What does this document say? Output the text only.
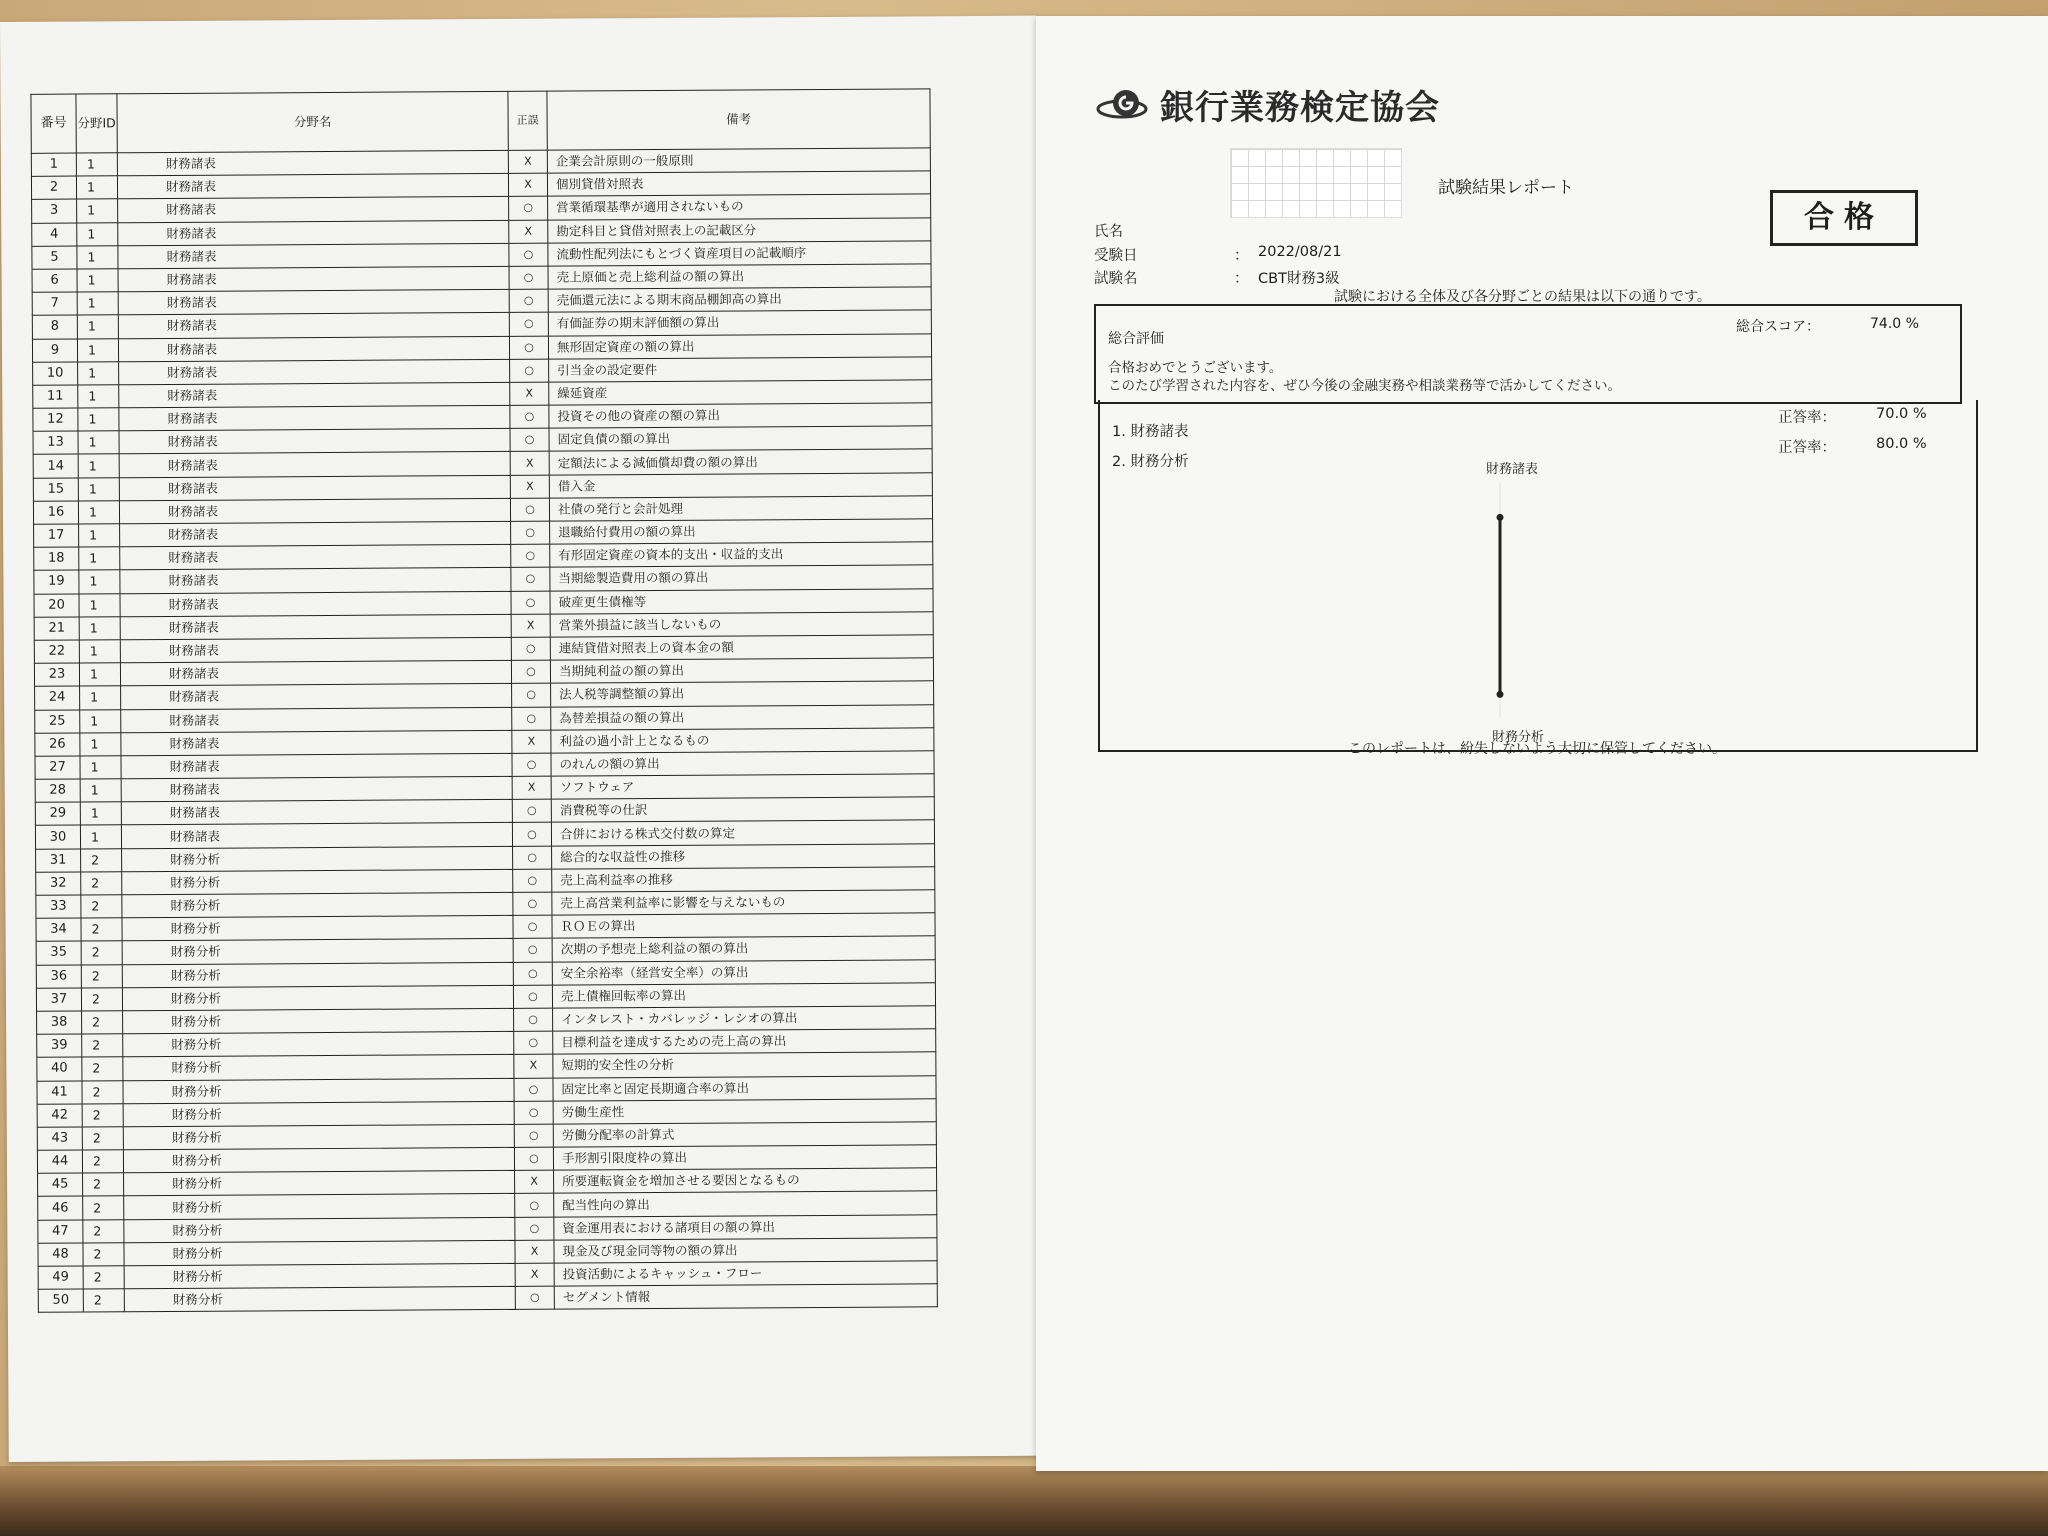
番号	分野ID	分野名	正誤	備考
1	1	財務諸表	X	企業会計原則の一般原則
2	1	財務諸表	X	個別貸借対照表
3	1	財務諸表	○	営業循環基準が適用されないもの
4	1	財務諸表	X	勘定科目と貸借対照表上の記載区分
5	1	財務諸表	○	流動性配列法にもとづく資産項目の記載順序
6	1	財務諸表	○	売上原価と売上総利益の額の算出
7	1	財務諸表	○	売価還元法による期末商品棚卸高の算出
8	1	財務諸表	○	有価証券の期末評価額の算出
9	1	財務諸表	○	無形固定資産の額の算出
10	1	財務諸表	○	引当金の設定要件
11	1	財務諸表	X	繰延資産
12	1	財務諸表	○	投資その他の資産の額の算出
13	1	財務諸表	○	固定負債の額の算出
14	1	財務諸表	X	定額法による減価償却費の額の算出
15	1	財務諸表	X	借入金
16	1	財務諸表	○	社債の発行と会計処理
17	1	財務諸表	○	退職給付費用の額の算出
18	1	財務諸表	○	有形固定資産の資本的支出・収益的支出
19	1	財務諸表	○	当期総製造費用の額の算出
20	1	財務諸表	○	破産更生債権等
21	1	財務諸表	X	営業外損益に該当しないもの
22	1	財務諸表	○	連結貸借対照表上の資本金の額
23	1	財務諸表	○	当期純利益の額の算出
24	1	財務諸表	○	法人税等調整額の算出
25	1	財務諸表	○	為替差損益の額の算出
26	1	財務諸表	X	利益の過小計上となるもの
27	1	財務諸表	○	のれんの額の算出
28	1	財務諸表	X	ソフトウェア
29	1	財務諸表	○	消費税等の仕訳
30	1	財務諸表	○	合併における株式交付数の算定
31	2	財務分析	○	総合的な収益性の推移
32	2	財務分析	○	売上高利益率の推移
33	2	財務分析	○	売上高営業利益率に影響を与えないもの
34	2	財務分析	○	ＲＯＥの算出
35	2	財務分析	○	次期の予想売上総利益の額の算出
36	2	財務分析	○	安全余裕率（経営安全率）の算出
37	2	財務分析	○	売上債権回転率の算出
38	2	財務分析	○	インタレスト・カバレッジ・レシオの算出
39	2	財務分析	○	目標利益を達成するための売上高の算出
40	2	財務分析	X	短期的安全性の分析
41	2	財務分析	○	固定比率と固定長期適合率の算出
42	2	財務分析	○	労働生産性
43	2	財務分析	○	労働分配率の計算式
44	2	財務分析	○	手形割引限度枠の算出
45	2	財務分析	X	所要運転資金を増加させる要因となるもの
46	2	財務分析	○	配当性向の算出
47	2	財務分析	○	資金運用表における諸項目の額の算出
48	2	財務分析	X	現金及び現金同等物の額の算出
49	2	財務分析	X	投資活動によるキャッシュ・フロー
50	2	財務分析	○	セグメント情報
銀行業務検定協会
試験結果レポート
合格
氏名
受験日	： 2022/08/21
試験名	： CBT財務3級
試験における全体及び各分野ごとの結果は以下の通りです。
総合評価
総合スコア：	74.0 %
合格おめでとうございます。
このたび学習された内容を、ぜひ今後の金融実務や相談業務等で活かしてください。
1. 財務諸表
2. 財務分析
正答率：	70.0 %
正答率：	80.0 %
財務諸表
財務分析
このレポートは、紛失しないよう大切に保管してください。
